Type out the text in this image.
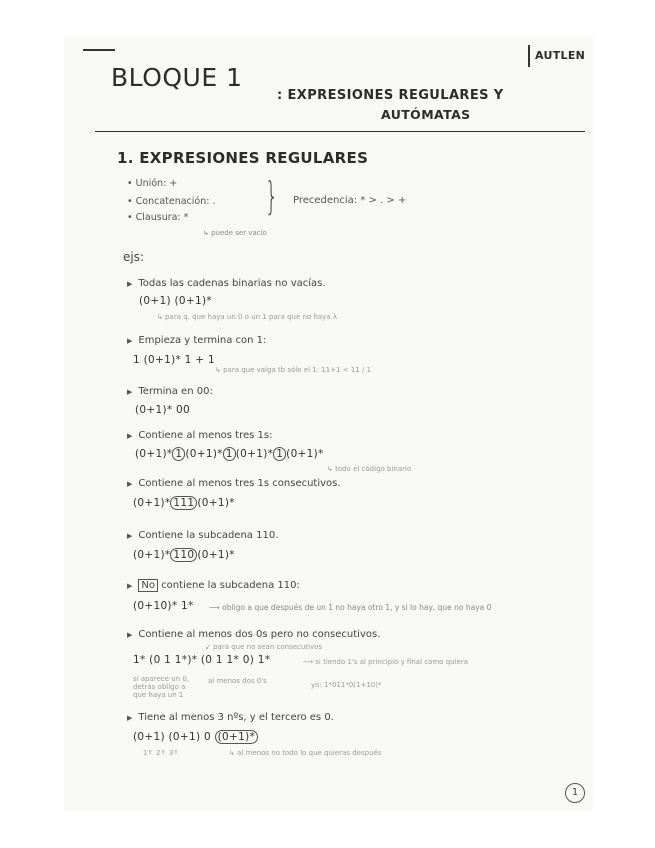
AUTLEN
BLOQUE 1
: EXPRESIONES REGULARES Y
AUTÓMATAS
1. EXPRESIONES REGULARES
• Unión: +
• Concatenación: .
• Clausura: * } Precedencia: * > . > +
↳ puede ser vacío
ejs:
▶ Todas las cadenas binarias no vacías.
(0+1) (0+1)*
↳ para q. que haya un 0 o un 1 para que no haya λ
▶ Empieza y termina con 1:
1 (0+1)* 1 + 1
↳ para que valga tb sólo el 1: 11+1 < 11 / 1
▶ Termina en 00:
(0+1)* 00
▶ Contiene al menos tres 1s:
(0+1)* 1 (0+1)* 1 (0+1)* 1 (0+1)*
↳ todo el código binario
▶ Contiene al menos tres 1s consecutivos.
(0+1)* 111 (0+1)*
▶ Contiene la subcadena 110.
(0+1)* 110 (0+1)*
▶ No contiene la subcadena 110:
(0+10)* 1* ⟶ obligo a que después de un 1 no haya otro 1, y si lo hay, que no haya 0
▶ Contiene al menos dos 0s pero no consecutivos.
↙ para que no sean consecutivos
1* (0 1 1*)* (0 1 1* 0) 1*	⟶ si tiendo 1's al principio y final como quiera
si aparece un 0, detrás obligo a que haya un 1
al menos dos 0's	yo: 1*011*0(1+10)*
▶ Tiene al menos 3 nºs, y el tercero es 0.
(0+1) (0+1) 0 (0+1)*
1º 2º 3º	↳ al menos no todo lo que quieras después
1
